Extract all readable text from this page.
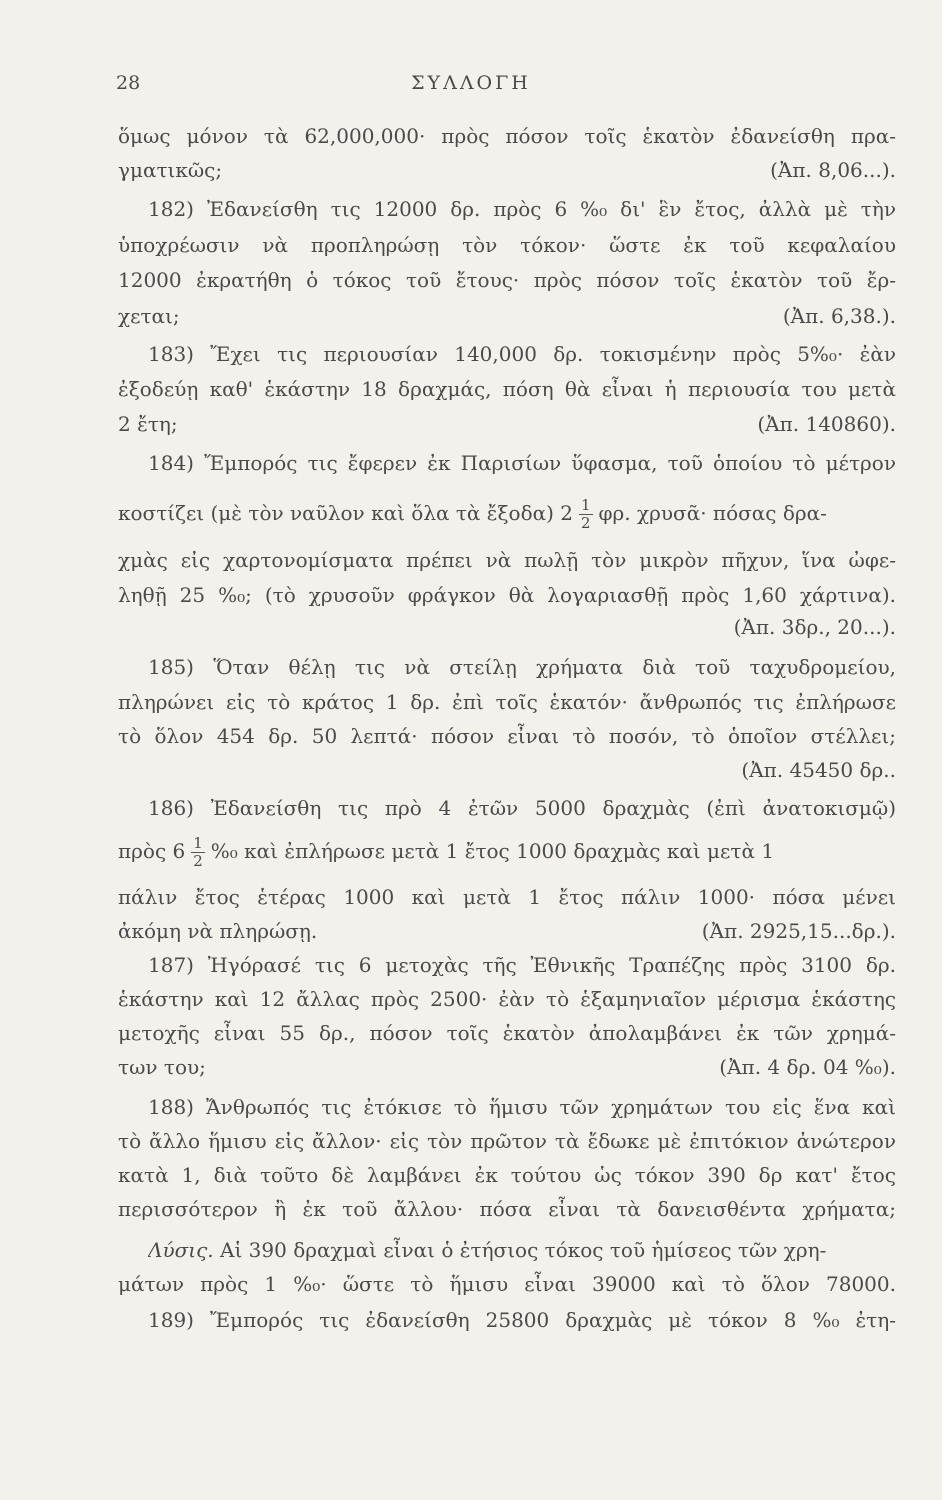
28	ΣΥΛΛΟΓΗ
ὅμως μόνον τὰ 62,000,000· πρὸς πόσον τοῖς ἑκατὸν ἐδανείσθη πρα-
γματικῶς;	(Ἀπ. 8,06...).
182) Ἐδανείσθη τις 12000 δρ. πρὸς 6 %₀ δι' ἓν ἔτος, ἀλλὰ μὲ τὴν
ὑποχρέωσιν νὰ προπληρώσῃ τὸν τόκον· ὥστε ἐκ τοῦ κεφαλαίου
12000 ἐκρατήθη ὁ τόκος τοῦ ἔτους· πρὸς πόσον τοῖς ἑκατὸν τοῦ ἔρ-
χεται;	(Ἀπ. 6,38.).
183) Ἔχει τις περιουσίαν 140,000 δρ. τοκισμένην πρὸς 5%₀· ἐὰν
ἐξοδεύῃ καθ' ἑκάστην 18 δραχμάς, πόση θὰ εἶναι ἡ περιουσία του μετὰ
2 ἔτη;	(Ἀπ. 140860).
184) Ἔμπορός τις ἔφερεν ἐκ Παρισίων ὕφασμα, τοῦ ὁποίου τὸ μέτρον
κοστίζει (μὲ τὸν ναῦλον καὶ ὅλα τὰ ἔξοδα) $2 \frac{1}{2} \varphi\rho$. χρυσᾶ· πόσας δρα-
χμὰς εἰς χαρτονομίσματα πρέπει νὰ πωλῇ τὸν μικρὸν πῆχυν, ἵνα ὠφε-
ληθῇ 25 %₀; (τὸ χρυσοῦν φράγκον θὰ λογαριασθῇ πρὸς 1,60 χάρτινα).
(Ἀπ. 3δρ., 20...).
185) Ὅταν θέλῃ τις νὰ στείλῃ χρήματα διὰ τοῦ ταχυδρομείου,
πληρώνει εἰς τὸ κράτος 1 δρ. ἐπὶ τοῖς ἑκατόν· ἄνθρωπός τις ἐπλήρωσε
τὸ ὅλον 454 δρ. 50 λεπτά· πόσον εἶναι τὸ ποσόν, τὸ ὁποῖον στέλλει;
(Ἀπ. 45450 δρ..
186) Ἐδανείσθη τις πρὸ 4 ἐτῶν 5000 δραχμὰς (ἐπὶ ἀνατοκισμῷ)
πρὸς $6 \frac{1}{2} \%_0$ καὶ ἐπλήρωσε μετὰ 1 ἔτος 1000 δραχμὰς καὶ μετὰ 1
πάλιν ἔτος ἑτέρας 1000 καὶ μετὰ 1 ἔτος πάλιν 1000· πόσα μένει
ἀκόμη νὰ πληρώσῃ.	(Ἀπ. 2925,15...δρ.).
187) Ἠγόρασέ τις 6 μετοχὰς τῆς Ἐθνικῆς Τραπέζης πρὸς 3100 δρ.
ἑκάστην καὶ 12 ἄλλας πρὸς 2500· ἐὰν τὸ ἑξαμηνιαῖον μέρισμα ἑκάστης
μετοχῆς εἶναι 55 δρ., πόσον τοῖς ἑκατὸν ἀπολαμβάνει ἐκ τῶν χρημά-
των του;	(Ἀπ. 4 δρ. 04 %₀).
188) Ἄνθρωπός τις ἐτόκισε τὸ ἥμισυ τῶν χρημάτων του εἰς ἕνα καὶ
τὸ ἄλλο ἥμισυ εἰς ἄλλον· εἰς τὸν πρῶτον τὰ ἔδωκε μὲ ἐπιτόκιον ἀνώτερον
κατὰ 1, διὰ τοῦτο δὲ λαμβάνει ἐκ τούτου ὡς τόκον 390 δρ κατ' ἔτος
περισσότερον ἢ ἐκ τοῦ ἄλλου· πόσα εἶναι τὰ δανεισθέντα χρήματα;
Λύσις. Αἱ 390 δραχμαὶ εἶναι ὁ ἐτήσιος τόκος τοῦ ἡμίσεος τῶν χρη-
μάτων πρὸς 1 %₀· ὥστε τὸ ἥμισυ εἶναι 39000 καὶ τὸ ὅλον 78000.
189) Ἔμπορός τις ἐδανείσθη 25800 δραχμὰς μὲ τόκον 8 %₀ ἐτη-
